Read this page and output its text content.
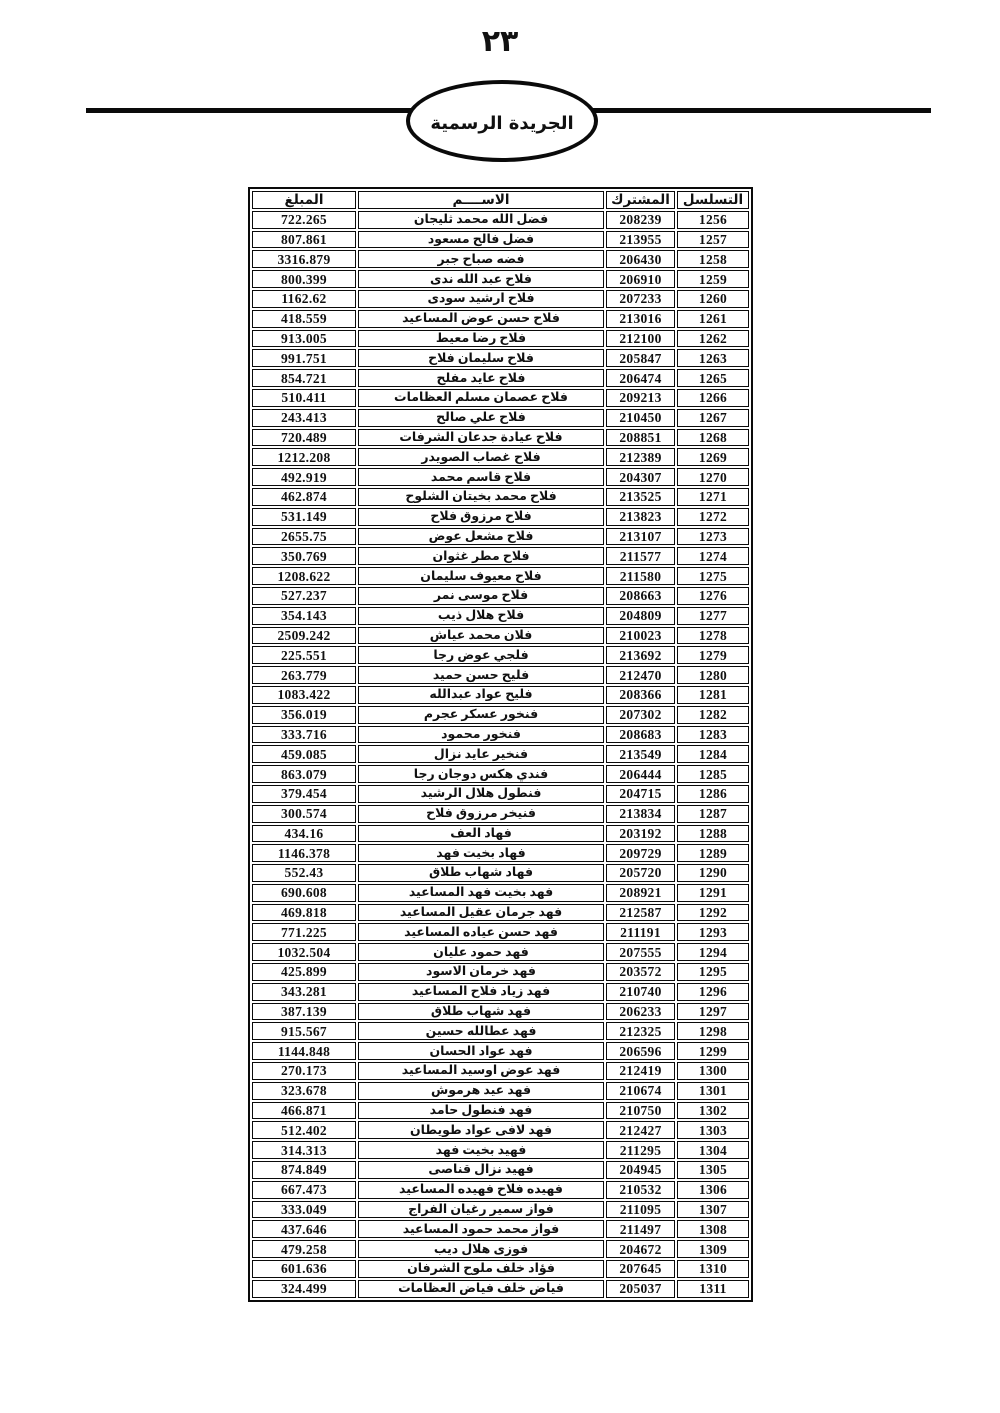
٢٣
الجريدة الرسمية
التسلسل	المشترك	الاســــم	المبلغ
1256	208239	فضل الله محمد ثليجان	722.265
1257	213955	فضل فالح مسعود	807.861
1258	206430	فضه صباح جبر	3316.879
1259	206910	فلاح عبد الله ندى	800.399
1260	207233	فلاح ارشيد سودى	1162.62
1261	213016	فلاح حسن عوض المساعيد	418.559
1262	212100	فلاح رضا معيط	913.005
1263	205847	فلاح سليمان فلاح	991.751
1265	206474	فلاح عايد مفلح	854.721
1266	209213	فلاح عصمان مسلم العظامات	510.411
1267	210450	فلاح علي صالح	243.413
1268	208851	فلاح عيادة جدعان الشرفات	720.489
1269	212389	فلاح غصاب الصويدر	1212.208
1270	204307	فلاح قاسم محمد	492.919
1271	213525	فلاح محمد بخيتان الشلوح	462.874
1272	213823	فلاح مرزوق فلاح	531.149
1273	213107	فلاح مشعل عوض	2655.75
1274	211577	فلاح مطر غثوان	350.769
1275	211580	فلاح معيوف سليمان	1208.622
1276	208663	فلاح موسى نمر	527.237
1277	204809	فلاح هلال ذيب	354.143
1278	210023	فلان محمد عياش	2509.242
1279	213692	فلجي عوض رجا	225.551
1280	212470	فليح حسن حميد	263.779
1281	208366	فليح عواد عبدالله	1083.422
1282	207302	فنخور عسكر عجرم	356.019
1283	208683	فنخور محمود	333.716
1284	213549	فنخير عايد نزال	459.085
1285	206444	فندي هكس دوجان رجا	863.079
1286	204715	فنطول هلال الرشيد	379.454
1287	213834	فنيخر مرزوق فلاح	300.574
1288	203192	فهاد العف	434.16
1289	209729	فهاد بخيت فهد	1146.378
1290	205720	فهاد شهاب طلاق	552.43
1291	208921	فهد بخيت فهد المساعيد	690.608
1292	212587	فهد جرمان عقيل المساعيد	469.818
1293	211191	فهد حسن عياده المساعيد	771.225
1294	207555	فهد حمود عليان	1032.504
1295	203572	فهد خرمان الاسود	425.899
1296	210740	فهد زياد فلاح المساعيد	343.281
1297	206233	فهد شهاب طلاق	387.139
1298	212325	فهد عطالله حسين	915.567
1299	206596	فهد عواد الحسان	1144.848
1300	212419	فهد عوض اوسيد المساعيد	270.173
1301	210674	فهد عيد هرموش	323.678
1302	210750	فهد فنطول حامد	466.871
1303	212427	فهد لافى عواد طويطان	512.402
1304	211295	فهيد بخيت فهد	314.313
1305	204945	فهيد نزال قناصى	874.849
1306	210532	فهيده فلاح فهيده المساعيد	667.473
1307	211095	فواز سمير رغيان الفراج	333.049
1308	211497	فواز محمد حمود المساعيد	437.646
1309	204672	فوزى هلال ديب	479.258
1310	207645	فؤاد خلف ملوح الشرفان	601.636
1311	205037	فياض خلف فياض العظامات	324.499
